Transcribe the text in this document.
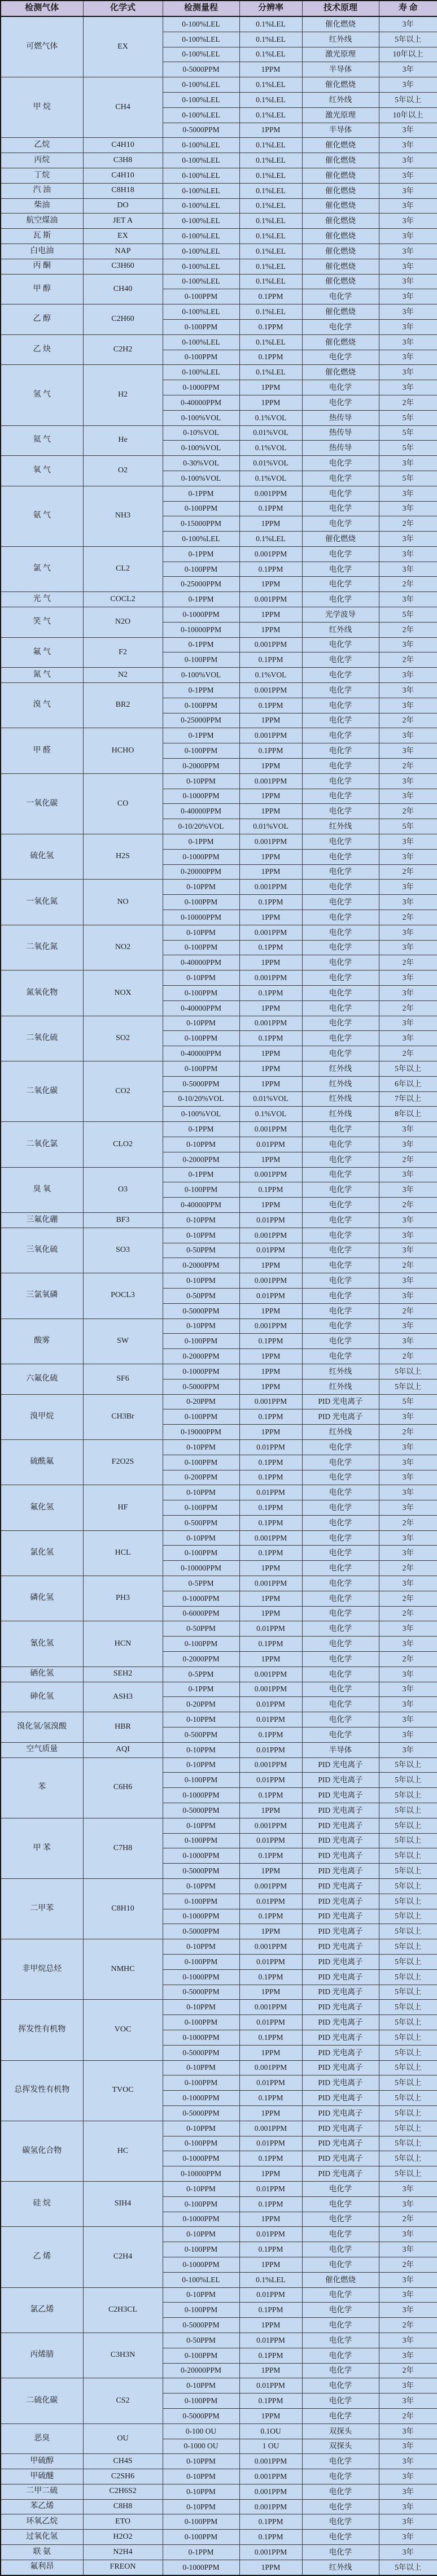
检测气体	化学式	检测量程	分辨率	技术原理	寿 命
可燃气体	EX	0-100%LEL	0.1%LEL	催化燃烧	3年
		0-100%LEL	0.1%LEL	红外线	5年以上
		0-100%LEL	0.1%LEL	激光原理	10年以上
		0-5000PPM	1PPM	半导体	3年
甲 烷	CH4	0-100%LEL	0.1%LEL	催化燃烧	3年
		0-100%LEL	0.1%LEL	红外线	5年以上
		0-100%LEL	0.1%LEL	激光原理	10年以上
		0-5000PPM	1PPM	半导体	3年
乙烷	C4H10	0-100%LEL	0.1%LEL	催化燃烧	3年
丙烷	C3H8	0-100%LEL	0.1%LEL	催化燃烧	3年
丁烷	C4H10	0-100%LEL	0.1%LEL	催化燃烧	3年
汽 油	C8H18	0-100%LEL	0.1%LEL	催化燃烧	3年
柴油	DO	0-100%LEL	0.1%LEL	催化燃烧	3年
航空煤油	JET A	0-100%LEL	0.1%LEL	催化燃烧	3年
瓦 斯	EX	0-100%LEL	0.1%LEL	催化燃烧	3年
白电油	NAP	0-100%LEL	0.1%LEL	催化燃烧	3年
丙 酮	C3H60	0-100%LEL	0.1%LEL	催化燃烧	3年
甲 醇	CH40	0-100%LEL	0.1%LEL	催化燃烧	3年
		0-100PPM	0.1PPM	电化学	3年
乙 醇	C2H60	0-100%LEL	0.1%LEL	催化燃烧	3年
		0-100PPM	0.1PPM	电化学	3年
乙 炔	C2H2	0-100%LEL	0.1%LEL	催化燃烧	3年
		0-100PPM	0.1PPM	电化学	3年
氢 气	H2	0-100%LEL	0.1%LEL	催化燃烧	3年
		0-1000PPM	1PPM	电化学	3年
		0-40000PPM	1PPM	电化学	2年
		0-100%VOL	0.1%VOL	热传导	5年
氦 气	He	0-10%VOL	0.01%VOL	热传导	5年
		0-100%VOL	0.1%VOL	热传导	5年
氧 气	O2	0-30%VOL	0.01%VOL	电化学	3年
		0-100%VOL	0.1%VOL	电化学	5年
氨 气	NH3	0-1PPM	0.001PPM	电化学	3年
		0-100PPM	0.1PPM	电化学	3年
		0-15000PPM	1PPM	电化学	2年
		0-100%LEL	0.1%LEL	催化燃烧	3年
氯 气	CL2	0-1PPM	0.001PPM	电化学	3年
		0-100PPM	0.1PPM	电化学	3年
		0-25000PPM	1PPM	电化学	2年
光 气	COCL2	0-1PPM	0.001PPM	电化学	3年
笑 气	N2O	0-1000PPM	1PPM	光学波导	5年
		0-10000PPM	1PPM	红外线	2年
氟 气	F2	0-1PPM	0.001PPM	电化学	3年
		0-100PPM	0.1PPM	电化学	2年
氮 气	N2	0-100%VOL	0.1%VOL	电化学	3年
溴 气	BR2	0-1PPM	0.001PPM	电化学	3年
		0-100PPM	0.1PPM	电化学	3年
		0-25000PPM	1PPM	电化学	2年
甲 醛	HCHO	0-1PPM	0.001PPM	电化学	3年
		0-100PPM	0.1PPM	电化学	3年
		0-2000PPM	1PPM	电化学	2年
一氧化碳	CO	0-10PPM	0.001PPM	电化学	3年
		0-1000PPM	1PPM	电化学	3年
		0-40000PPM	1PPM	电化学	2年
		0-10/20%VOL	0.01%VOL	红外线	5年
硫化氢	H2S	0-1PPM	0.001PPM	电化学	3年
		0-1000PPM	1PPM	电化学	3年
		0-20000PPM	1PPM	电化学	2年
一氧化氮	NO	0-10PPM	0.001PPM	电化学	3年
		0-100PPM	0.1PPM	电化学	3年
		0-10000PPM	1PPM	电化学	2年
二氧化氮	NO2	0-10PPM	0.001PPM	电化学	3年
		0-100PPM	0.1PPM	电化学	3年
		0-40000PPM	1PPM	电化学	2年
氮氧化物	NOX	0-10PPM	0.001PPM	电化学	3年
		0-100PPM	0.1PPM	电化学	3年
		0-40000PPM	1PPM	电化学	2年
二氧化硫	SO2	0-10PPM	0.001PPM	电化学	3年
		0-100PPM	0.1PPM	电化学	3年
		0-40000PPM	1PPM	电化学	2年
二氧化碳	CO2	0-100PPM	1PPM	红外线	5年以上
		0-5000PPM	1PPM	红外线	6年以上
		0-10/20%VOL	0.01%VOL	红外线	7年以上
		0-100%VOL	0.1%VOL	红外线	8年以上
二氧化氯	CLO2	0-1PPM	0.001PPM	电化学	3年
		0-10PPM	0.01PPM	电化学	3年
		0-2000PPM	1PPM	电化学	2年
臭 氧	O3	0-1PPM	0.001PPM	电化学	3年
		0-100PPM	0.1PPM	电化学	3年
		0-40000PPM	1PPM	电化学	2年
三氟化硼	BF3	0-10PPM	0.01PPM	电化学	3年
三氧化硫	SO3	0-10PPM	0.001PPM	电化学	3年
		0-50PPM	0.01PPM	电化学	3年
		0-2000PPM	1PPM	电化学	2年
三氯氧磷	POCL3	0-10PPM	0.001PPM	电化学	3年
		0-50PPM	0.01PPM	电化学	3年
		0-5000PPM	1PPM	电化学	2年
酸雾	SW	0-10PPM	0.001PPM	电化学	3年
		0-100PPM	0.1PPM	电化学	3年
		0-2000PPM	1PPM	电化学	2年
六氟化硫	SF6	0-1000PPM	1PPM	红外线	5年以上
		0-5000PPM	1PPM	红外线	5年以上
溴甲烷	CH3Br	0-20PPM	0.001PPM	PID 光电离子	5年
		0-100PPM	0.1PPM	PID 光电离子	3年
		0-19000PPM	1PPM	红外线	2年
硫酰氟	F2O2S	0-10PPM	0.01PPM	电化学	3年
		0-100PPM	0.1PPM	电化学	3年
		0-200PPM	0.1PPM	电化学	3年
氟化氢	HF	0-10PPM	0.01PPM	电化学	3年
		0-100PPM	0.1PPM	电化学	3年
		0-500PPM	0.1PPM	电化学	2年
氯化氢	HCL	0-10PPM	0.001PPM	电化学	3年
		0-100PPM	0.1PPM	电化学	3年
		0-10000PPM	1PPM	电化学	2年
磷化氢	PH3	0-5PPM	0.001PPM	电化学	3年
		0-1000PPM	1PPM	电化学	2年
		0-6000PPM	1PPM	电化学	2年
氰化氢	HCN	0-50PPM	0.01PPM	电化学	3年
		0-100PPM	0.1PPM	电化学	3年
		0-2000PPM	1PPM	电化学	2年
硒化氢	SEH2	0-5PPM	0.001PPM	电化学	3年
砷化氢	ASH3	0-1PPM	0.001PPM	电化学	3年
		0-20PPM	0.01PPM	电化学	3年
溴化氢/氢溴酸	HBR	0-10PPM	0.01PPM	电化学	3年
		0-500PPM	0.1PPM	电化学	3年
空气质量	AQI	0-10PPM	0.01PPM	半导体	3年
苯	C6H6	0-10PPM	0.001PPM	PID 光电离子	5年以上
		0-100PPM	0.01PPM	PID 光电离子	5年以上
		0-1000PPM	0.1PPM	PID 光电离子	5年以上
		0-5000PPM	1PPM	PID 光电离子	5年以上
甲 苯	C7H8	0-10PPM	0.001PPM	PID 光电离子	5年以上
		0-100PPM	0.01PPM	PID 光电离子	5年以上
		0-1000PPM	0.1PPM	PID 光电离子	5年以上
		0-5000PPM	1PPM	PID 光电离子	5年以上
二甲苯	C8H10	0-10PPM	0.001PPM	PID 光电离子	5年以上
		0-100PPM	0.01PPM	PID 光电离子	5年以上
		0-1000PPM	0.1PPM	PID 光电离子	5年以上
		0-5000PPM	1PPM	PID 光电离子	5年以上
非甲烷总烃	NMHC	0-10PPM	0.001PPM	PID 光电离子	5年以上
		0-100PPM	0.01PPM	PID 光电离子	5年以上
		0-1000PPM	0.1PPM	PID 光电离子	5年以上
		0-5000PPM	1PPM	PID 光电离子	5年以上
挥发性有机物	VOC	0-10PPM	0.001PPM	PID 光电离子	5年以上
		0-100PPM	0.01PPM	PID 光电离子	5年以上
		0-1000PPM	0.1PPM	PID 光电离子	5年以上
		0-5000PPM	1PPM	PID 光电离子	5年以上
总挥发性有机物	TVOC	0-10PPM	0.001PPM	PID 光电离子	5年以上
		0-100PPM	0.01PPM	PID 光电离子	5年以上
		0-1000PPM	0.1PPM	PID 光电离子	5年以上
		0-5000PPM	1PPM	PID 光电离子	5年以上
碳氢化合物	HC	0-10PPM	0.001PPM	PID 光电离子	5年以上
		0-100PPM	0.01PPM	PID 光电离子	5年以上
		0-1000PPM	0.1PPM	PID 光电离子	5年以上
		0-10000PPM	1PPM	PID 光电离子	5年以上
硅 烷	SIH4	0-10PPM	0.01PPM	电化学	3年
		0-100PPM	0.1PPM	电化学	3年
		0-1000PPM	1PPM	电化学	2年
乙 烯	C2H4	0-10PPM	0.01PPM	电化学	3年
		0-100PPM	0.1PPM	电化学	3年
		0-1000PPM	1PPM	电化学	2年
		0-100%LEL	0.1%LEL	催化燃烧	3年
氯乙烯	C2H3CL	0-10PPM	0.01PPM	电化学	3年
		0-100PPM	0.1PPM	电化学	3年
		0-5000PPM	1PPM	电化学	2年
丙烯腈	C3H3N	0-50PPM	0.01PPM	电化学	3年
		0-100PPM	0.1PPM	电化学	3年
		0-20000PPM	1PPM	电化学	2年
二硫化碳	CS2	0-10PPM	0.01PPM	电化学	3年
		0-100PPM	0.1PPM	电化学	3年
		0-5000PPM	1PPM	电化学	2年
恶臭	OU	0-100 OU	0.1OU	双探头	3年
		0-1000 OU	1 OU	双探头	3年
甲硫醇	CH4S	0-10PPM	0.001PPM	电化学	3年
甲硫醚	C2SH6	0-10PPM	0.001PPM	电化学	3年
二甲二硫	C2H6S2	0-10PPM	0.001PPM	电化学	3年
苯乙烯	C8H8	0-10PPM	0.001PPM	电化学	3年
环氧乙烷	ETO	0-100PPM	0.1PPM	电化学	3年
过氧化氢	H2O2	0-100PPM	0.1PPM	电化学	3年
联 氨	N2H4	0-1PPM	0.001PPM	电化学	3年
氟利昂	FREON	0-1000PPM	1PPM	红外线	5年以上
